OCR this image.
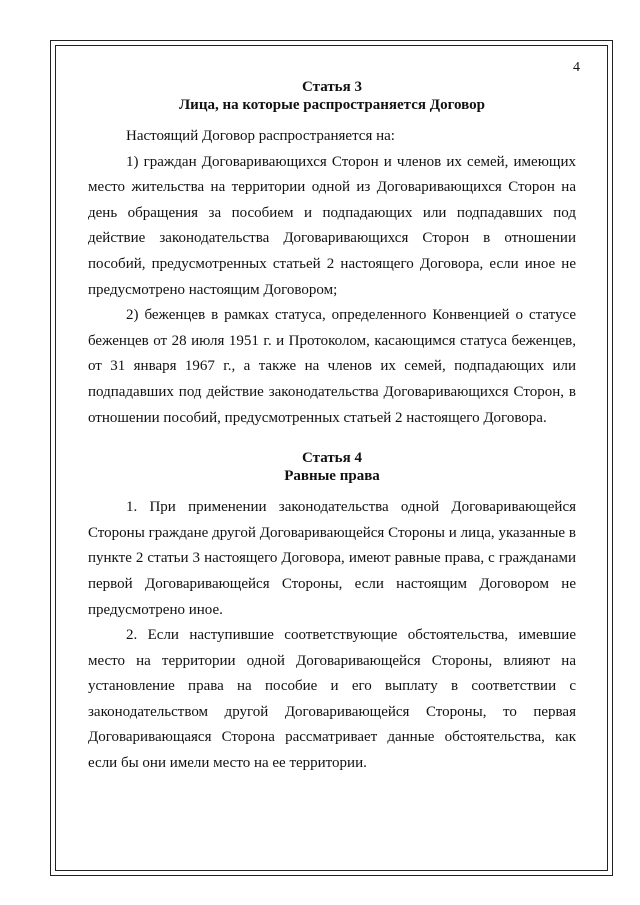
4
Статья 3
Лица, на которые распространяется Договор

Настоящий Договор распространяется на:

1) граждан Договаривающихся Сторон и членов их семей, имеющих место жительства на территории одной из Договаривающихся Сторон на день обращения за пособием и подпадающих или подпадавших под действие законодательства Договаривающихся Сторон в отношении пособий, предусмотренных статьей 2 настоящего Договора, если иное не предусмотрено настоящим Договором;

2) беженцев в рамках статуса, определенного Конвенцией о статусе беженцев от 28 июля 1951 г. и Протоколом, касающимся статуса беженцев, от 31 января 1967 г., а также на членов их семей, подпадающих или подпадавших под действие законодательства Договаривающихся Сторон, в отношении пособий, предусмотренных статьей 2 настоящего Договора.

Статья 4
Равные права

1. При применении законодательства одной Договаривающейся Стороны граждане другой Договаривающейся Стороны и лица, указанные в пункте 2 статьи 3 настоящего Договора, имеют равные права, с гражданами первой Договаривающейся Стороны, если настоящим Договором не предусмотрено иное.

2. Если наступившие соответствующие обстоятельства, имевшие место на территории одной Договаривающейся Стороны, влияют на установление права на пособие и его выплату в соответствии с законодательством другой Договаривающейся Стороны, то первая Договаривающаяся Сторона рассматривает данные обстоятельства, как если бы они имели место на ее территории.
